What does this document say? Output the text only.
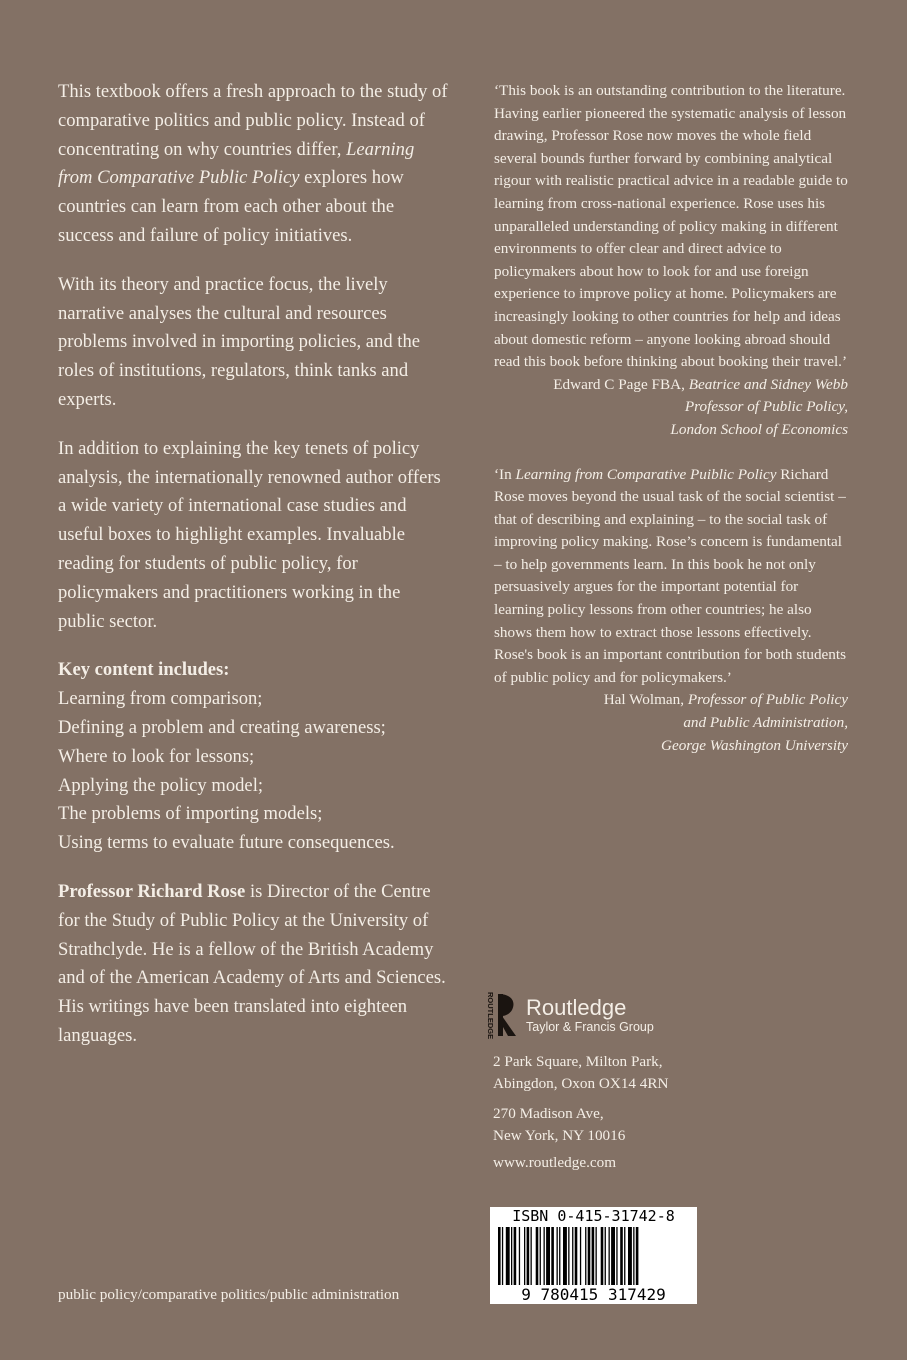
This textbook offers a fresh approach to the study of comparative politics and public policy. Instead of concentrating on why countries differ, Learning from Comparative Public Policy explores how countries can learn from each other about the success and failure of policy initiatives.

With its theory and practice focus, the lively narrative analyses the cultural and resources problems involved in importing policies, and the roles of institutions, regulators, think tanks and experts.

In addition to explaining the key tenets of policy analysis, the internationally renowned author offers a wide variety of international case studies and useful boxes to highlight examples. Invaluable reading for students of public policy, for policymakers and practitioners working in the public sector.

Key content includes:
Learning from comparison;
Defining a problem and creating awareness;
Where to look for lessons;
Applying the policy model;
The problems of importing models;
Using terms to evaluate future consequences.

Professor Richard Rose is Director of the Centre for the Study of Public Policy at the University of Strathclyde. He is a fellow of the British Academy and of the American Academy of Arts and Sciences. His writings have been translated into eighteen languages.

‘This book is an outstanding contribution to the literature. Having earlier pioneered the systematic analysis of lesson drawing, Professor Rose now moves the whole field several bounds further forward by combining analytical rigour with realistic practical advice in a readable guide to learning from cross-national experience. Rose uses his unparalleled understanding of policy making in different environments to offer clear and direct advice to policymakers about how to look for and use foreign experience to improve policy at home. Policymakers are increasingly looking to other countries for help and ideas about domestic reform – anyone looking abroad should read this book before thinking about booking their travel.’

Edward C Page FBA, Beatrice and Sidney Webb
Professor of Public Policy,
London School of Economics

‘In Learning from Comparative Puiblic Policy Richard Rose moves beyond the usual task of the social scientist – that of describing and explaining – to the social task of improving policy making. Rose’s concern is fundamental – to help governments learn. In this book he not only persuasively argues for the important potential for learning policy lessons from other countries; he also shows them how to extract those lessons effectively. Rose's book is an important contribution for both students of public policy and for policymakers.’

Hal Wolman, Professor of Public Policy
and Public Administration,
George Washington University
ROUTLEDGE Routledge
Taylor & Francis Group
2 Park Square, Milton Park,
Abingdon, Oxon OX14 4RN
270 Madison Ave,
New York, NY 10016
www.routledge.com
ISBN 0-415-31742-8
9 780415 317429
public policy/comparative politics/public administration
